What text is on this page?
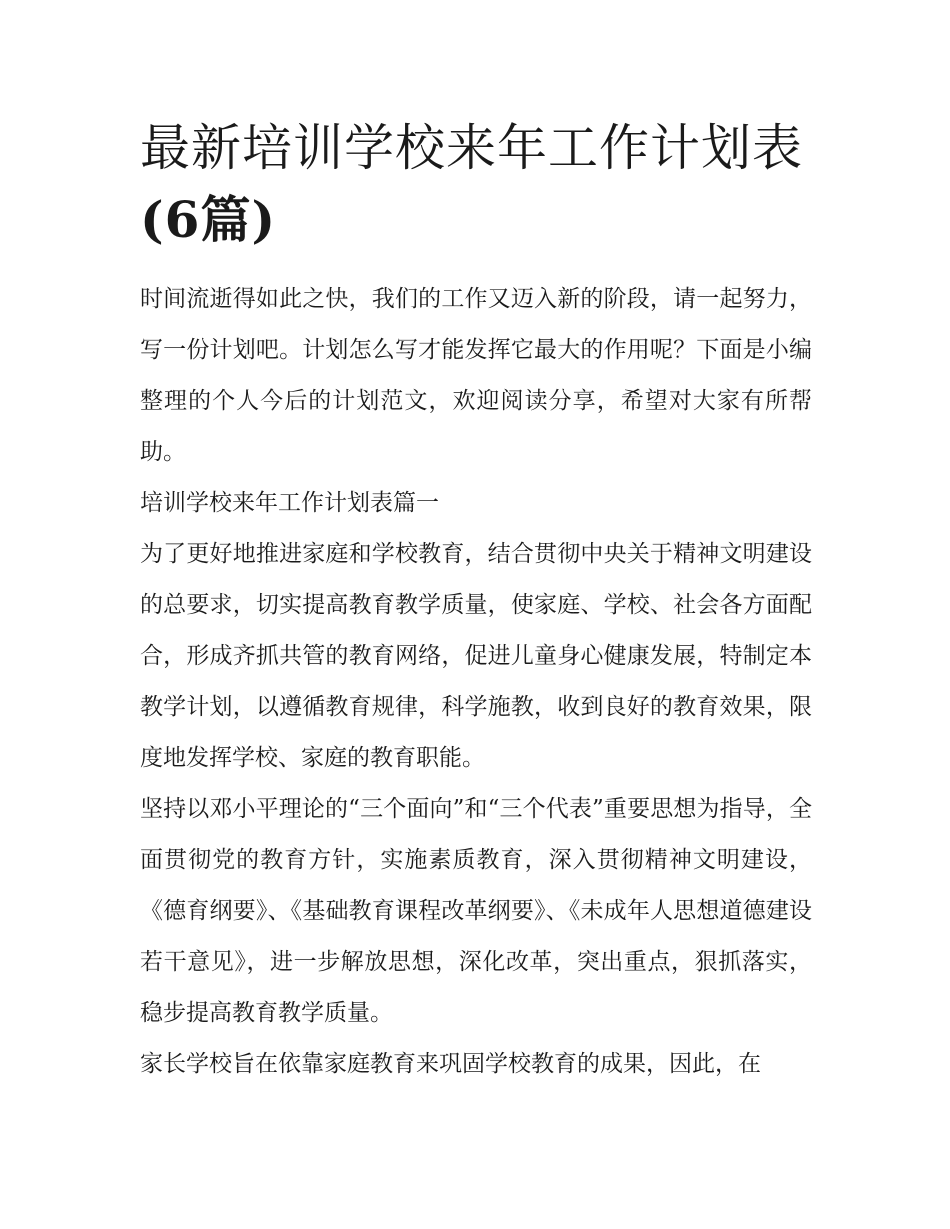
最新培训学校来年工作计划表
(6篇)

时间流逝得如此之快，我们的工作又迈入新的阶段，请一起努力，写一份计划吧。计划怎么写才能发挥它最大的作用呢？下面是小编整理的个人今后的计划范文，欢迎阅读分享，希望对大家有所帮助。

培训学校来年工作计划表篇一

为了更好地推进家庭和学校教育，结合贯彻中央关于精神文明建设的总要求，切实提高教育教学质量，使家庭、学校、社会各方面配合，形成齐抓共管的教育网络，促进儿童身心健康发展，特制定本教学计划，以遵循教育规律，科学施教，收到良好的教育效果，限度地发挥学校、家庭的教育职能。

坚持以邓小平理论的“三个面向”和“三个代表”重要思想为指导，全面贯彻党的教育方针，实施素质教育，深入贯彻精神文明建设，《德育纲要》、《基础教育课程改革纲要》、《未成年人思想道德建设若干意见》，进一步解放思想，深化改革，突出重点，狠抓落实，稳步提高教育教学质量。

家长学校旨在依靠家庭教育来巩固学校教育的成果，因此，在
